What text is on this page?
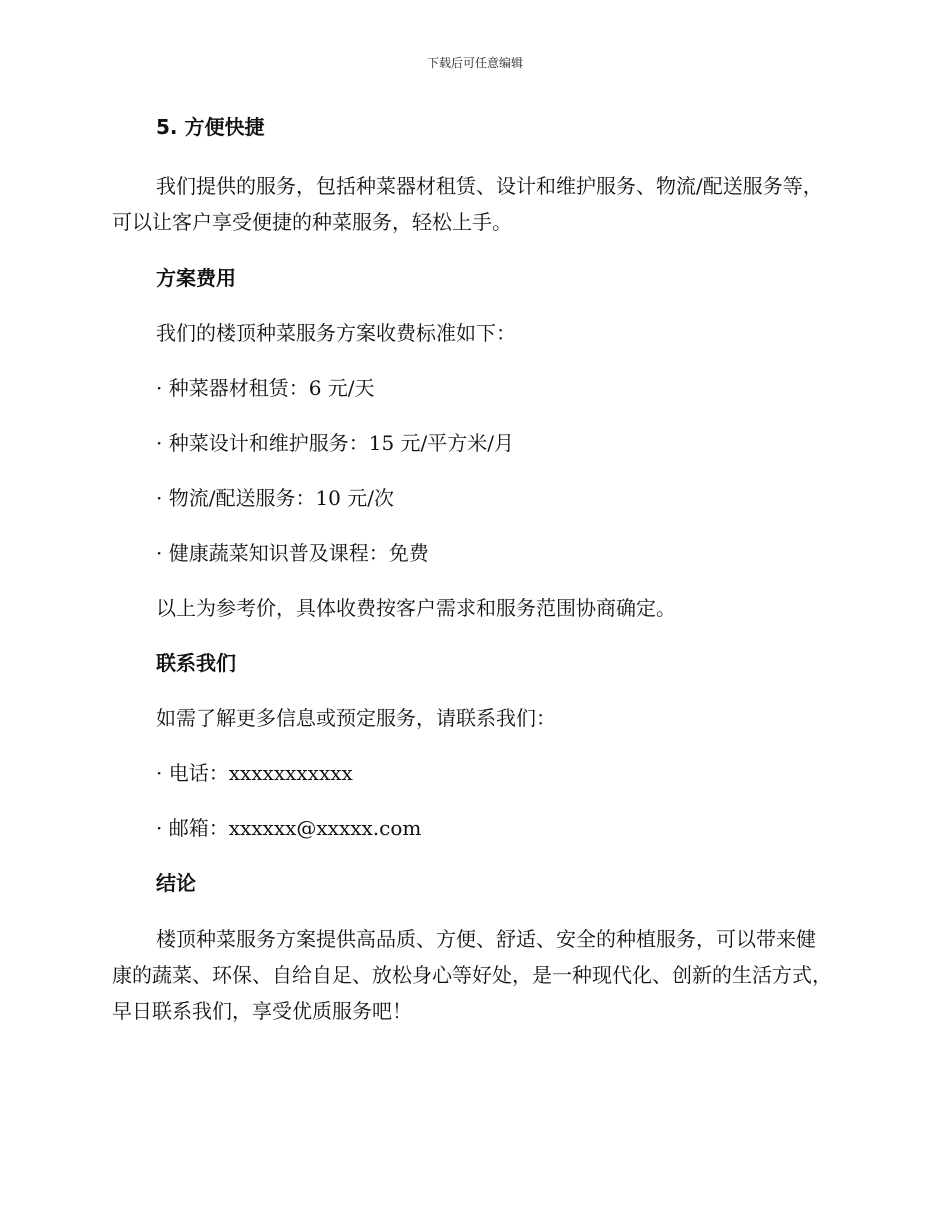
下载后可任意编辑
5. 方便快捷

我们提供的服务，包括种菜器材租赁、设计和维护服务、物流/配送服务等，可以让客户享受便捷的种菜服务，轻松上手。

方案费用

我们的楼顶种菜服务方案收费标准如下：

· 种菜器材租赁：6 元/天

· 种菜设计和维护服务：15 元/平方米/月

· 物流/配送服务：10 元/次

· 健康蔬菜知识普及课程：免费

以上为参考价，具体收费按客户需求和服务范围协商确定。

联系我们

如需了解更多信息或预定服务，请联系我们：

· 电话：xxxxxxxxxxx

· 邮箱：xxxxxx@xxxxx.com

结论

楼顶种菜服务方案提供高品质、方便、舒适、安全的种植服务，可以带来健康的蔬菜、环保、自给自足、放松身心等好处，是一种现代化、创新的生活方式，早日联系我们，享受优质服务吧！
